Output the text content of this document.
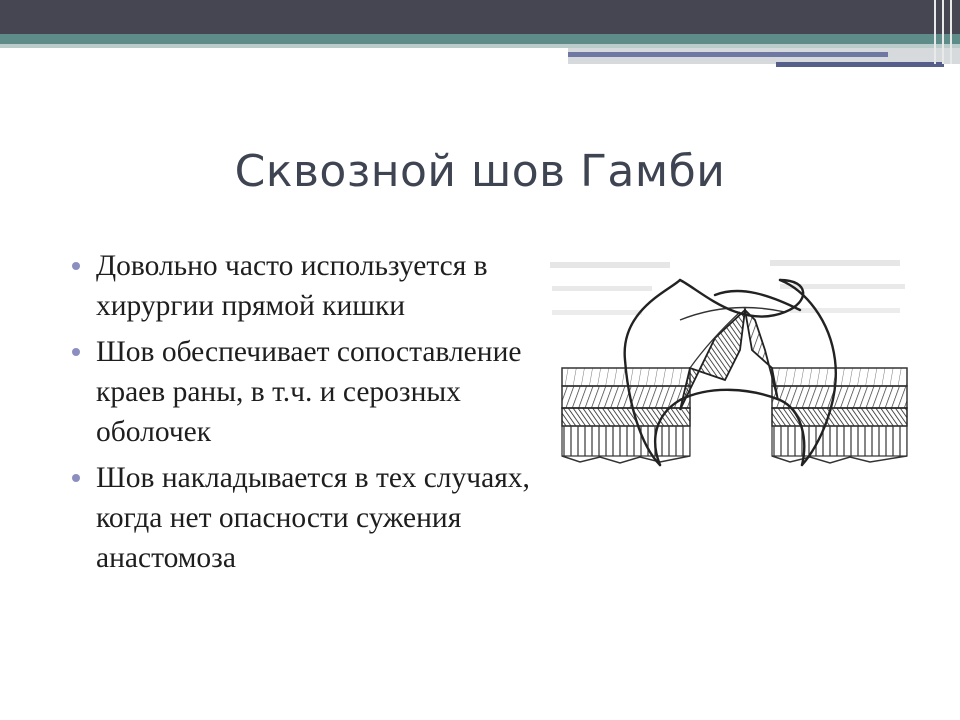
Сквозной шов Гамби
Довольно часто используется в хирургии прямой кишки
Шов обеспечивает сопоставление краев раны, в т.ч. и серозных оболочек
Шов накладывается в тех случаях, когда нет опасности сужения анастомоза
